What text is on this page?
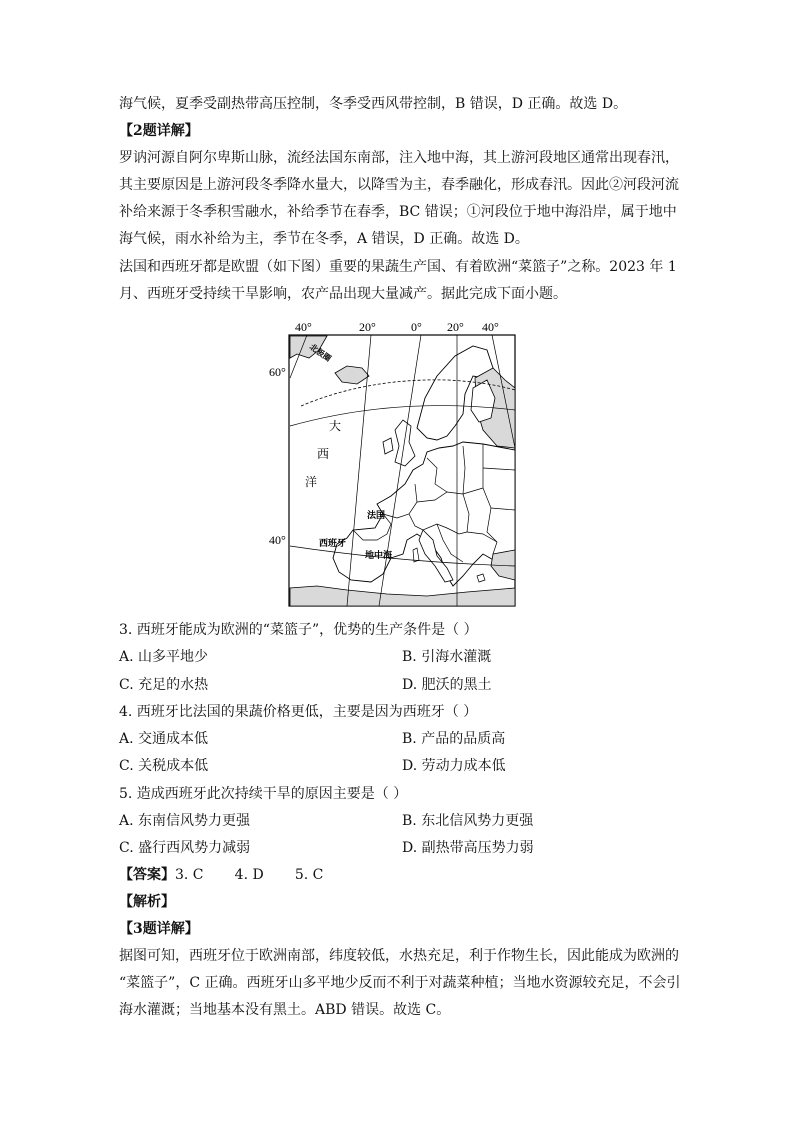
海气候，夏季受副热带高压控制，冬季受西风带控制，B 错误，D 正确。故选 D。
【2题详解】
罗讷河源自阿尔卑斯山脉，流经法国东南部，注入地中海，其上游河段地区通常出现春汛，
其主要原因是上游河段冬季降水量大，以降雪为主，春季融化，形成春汛。因此②河段河流
补给来源于冬季积雪融水，补给季节在春季，BC 错误；①河段位于地中海沿岸，属于地中
海气候，雨水补给为主，季节在冬季，A 错误，D 正确。故选 D。
法国和西班牙都是欧盟（如下图）重要的果蔬生产国、有着欧洲“菜篮子”之称。2023 年 1
月、西班牙受持续干旱影响，农产品出现大量减产。据此完成下面小题。
40°	20°	0° 20° 40°
60°
40°
北极圈
大
西
洋
法国
西班牙
地中海
3. 西班牙能成为欧洲的“菜篮子”，优势的生产条件是（ ）
A. 山多平地少	B. 引海水灌溉
C. 充足的水热	D. 肥沃的黑土
4. 西班牙比法国的果蔬价格更低，主要是因为西班牙（ ）
A. 交通成本低	B. 产品的品质高
C. 关税成本低	D. 劳动力成本低
5. 造成西班牙此次持续干旱的原因主要是（ ）
A. 东南信风势力更强	B. 东北信风势力更强
C. 盛行西风势力减弱	D. 副热带高压势力弱
【答案】3. C       4. D       5. C
【解析】
【3题详解】
据图可知，西班牙位于欧洲南部，纬度较低，水热充足，利于作物生长，因此能成为欧洲的
“菜篮子”，C 正确。西班牙山多平地少反而不利于对蔬菜种植；当地水资源较充足，不会引
海水灌溉；当地基本没有黑土。ABD 错误。故选 C。
